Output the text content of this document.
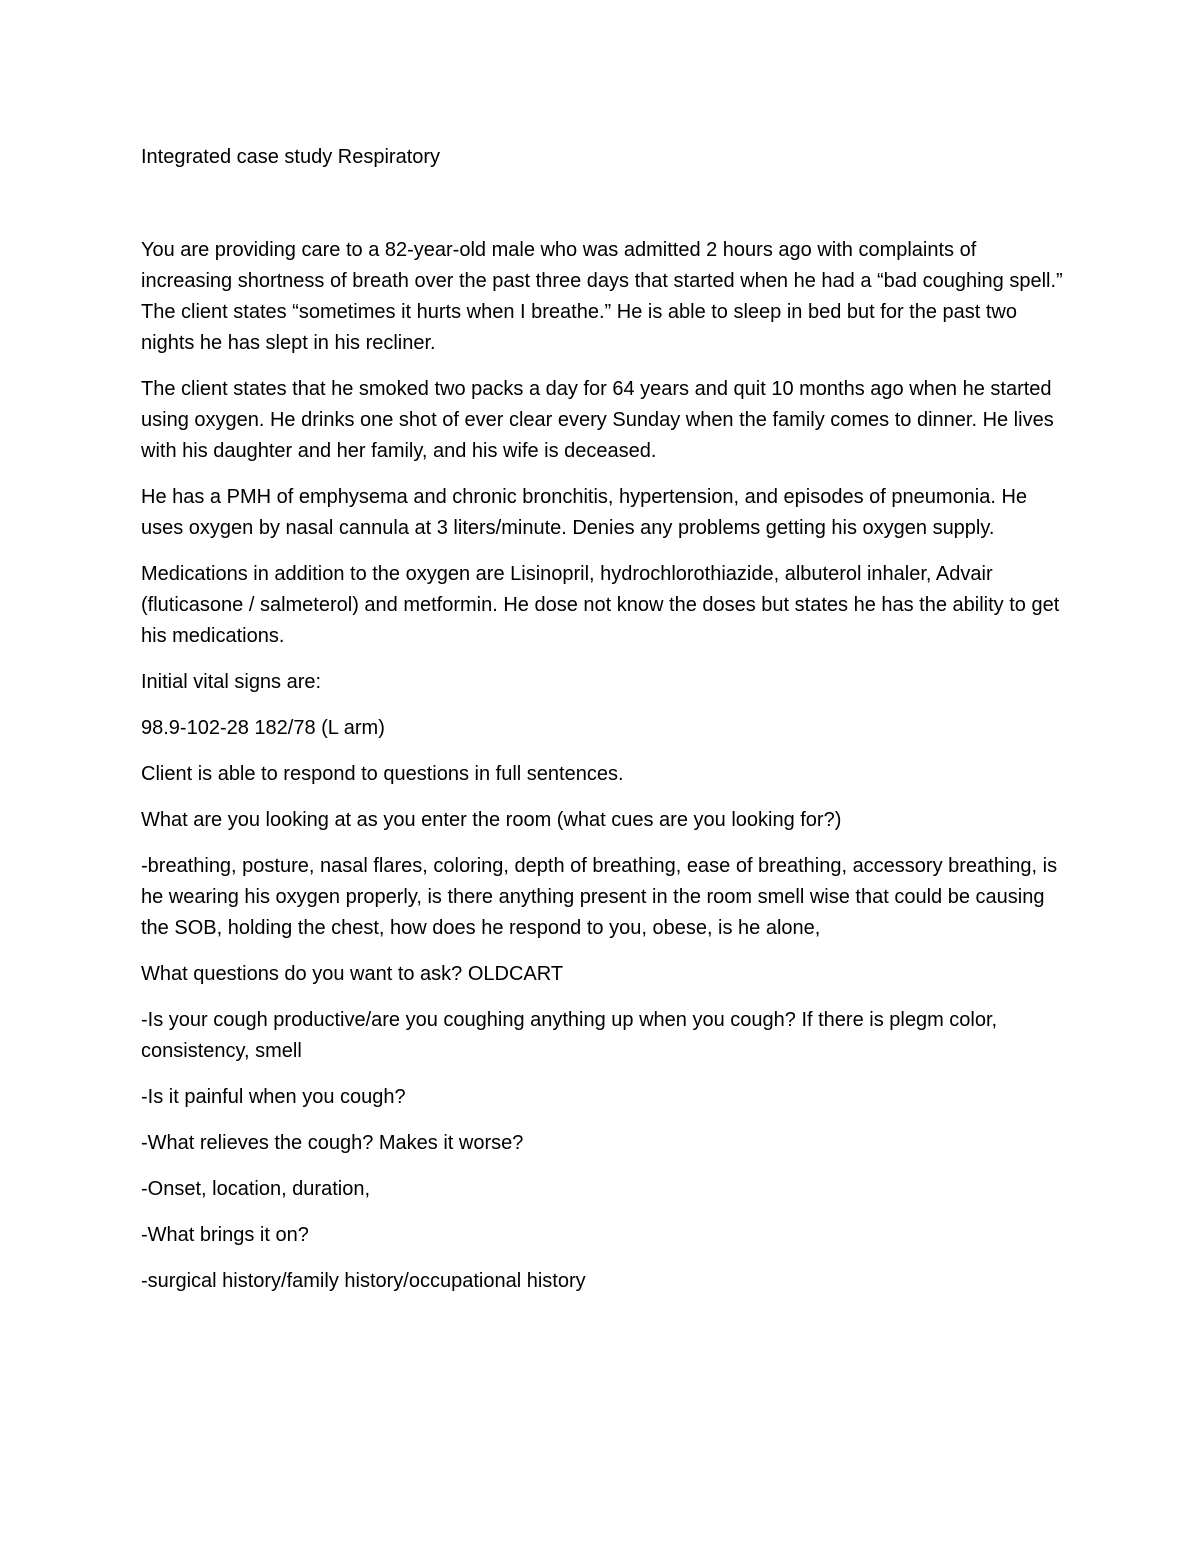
Integrated case study Respiratory

You are providing care to a 82-year-old male who was admitted 2 hours ago with complaints of increasing shortness of breath over the past three days that started when he had a “bad coughing spell.” The client states “sometimes it hurts when I breathe.” He is able to sleep in bed but for the past two nights he has slept in his recliner.

The client states that he smoked two packs a day for 64 years and quit 10 months ago when he started using oxygen. He drinks one shot of ever clear every Sunday when the family comes to dinner. He lives with his daughter and her family, and his wife is deceased.

He has a PMH of emphysema and chronic bronchitis, hypertension, and episodes of pneumonia. He uses oxygen by nasal cannula at 3 liters/minute. Denies any problems getting his oxygen supply.

Medications in addition to the oxygen are Lisinopril, hydrochlorothiazide, albuterol inhaler, Advair (fluticasone / salmeterol) and metformin. He dose not know the doses but states he has the ability to get his medications.

Initial vital signs are:

98.9-102-28 182/78 (L arm)

Client is able to respond to questions in full sentences.

What are you looking at as you enter the room (what cues are you looking for?)

-breathing, posture, nasal flares, coloring, depth of breathing, ease of breathing, accessory breathing, is he wearing his oxygen properly, is there anything present in the room smell wise that could be causing the SOB, holding the chest, how does he respond to you, obese, is he alone,

What questions do you want to ask? OLDCART

-Is your cough productive/are you coughing anything up when you cough? If there is plegm color, consistency, smell

-Is it painful when you cough?

-What relieves the cough? Makes it worse?

-Onset, location, duration,

-What brings it on?

-surgical history/family history/occupational history
